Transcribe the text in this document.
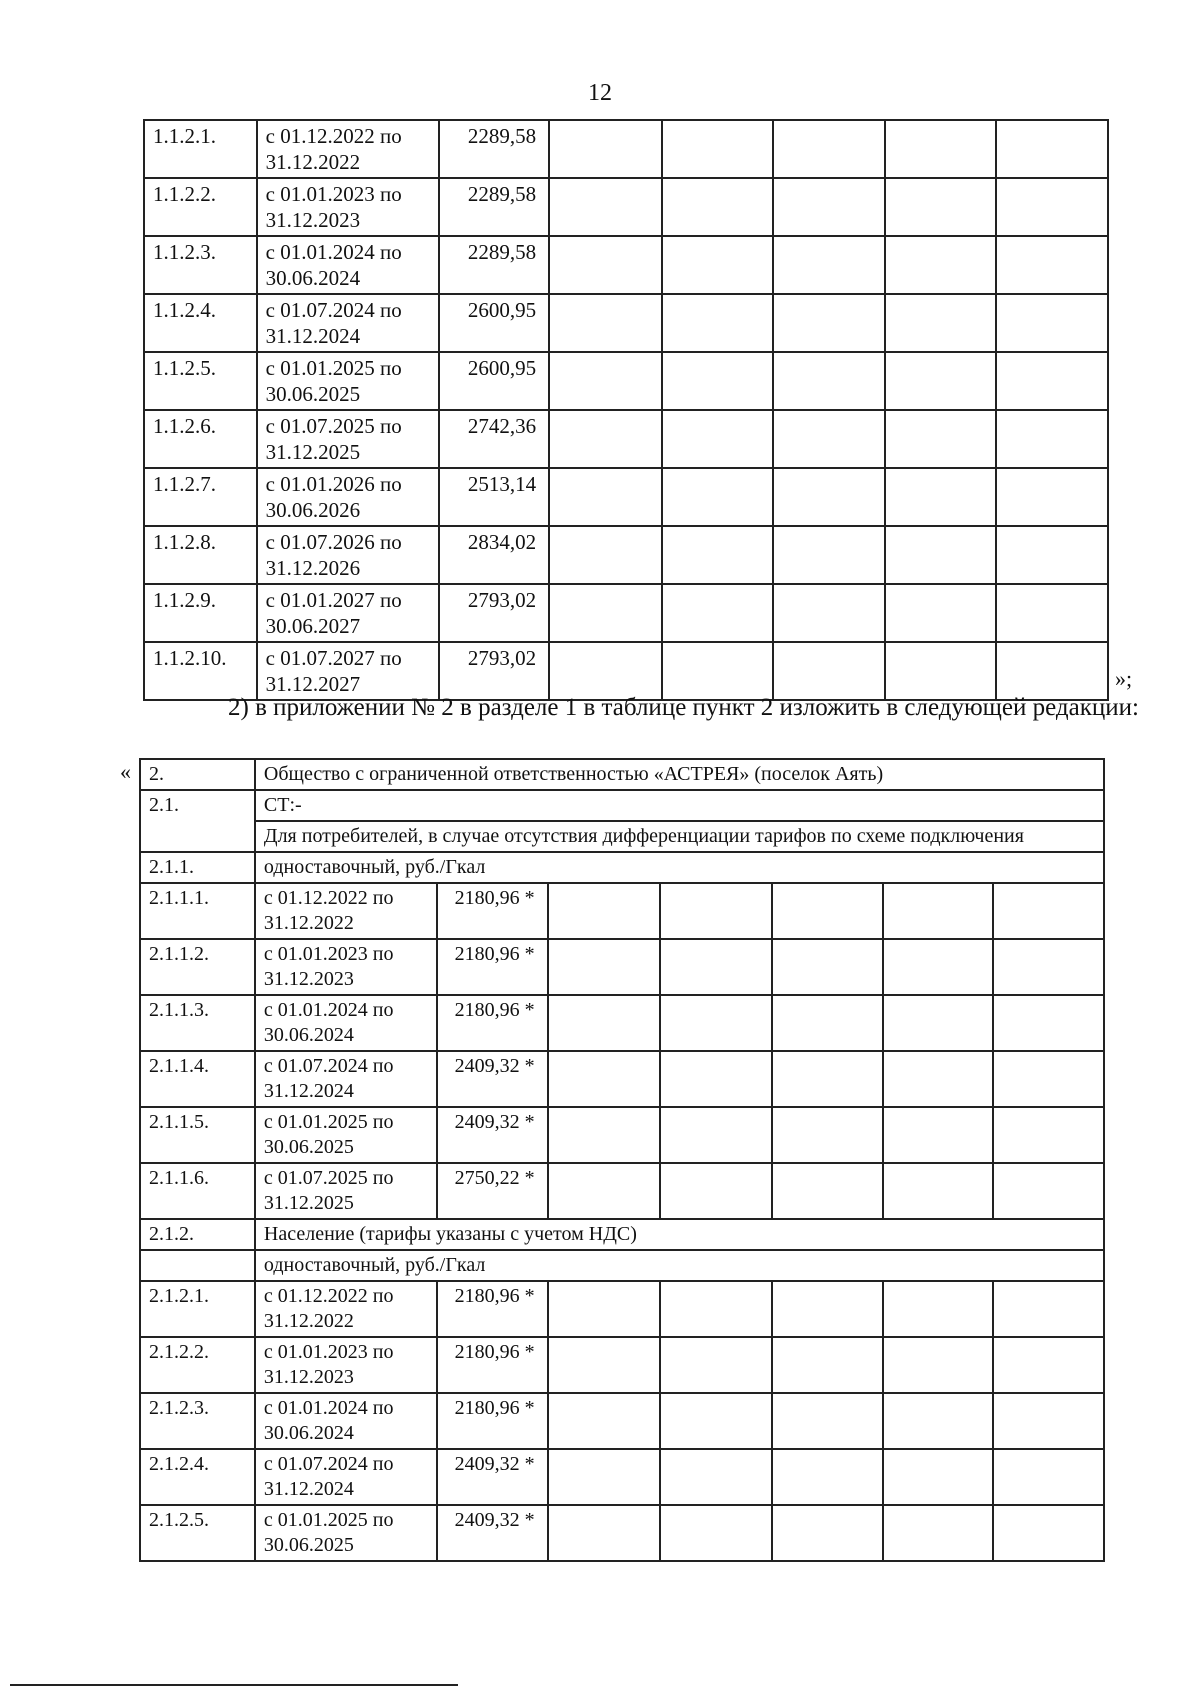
12
1.1.2.1.	с 01.12.2022 по 31.12.2022	2289,58					
1.1.2.2.	с 01.01.2023 по 31.12.2023	2289,58					
1.1.2.3.	с 01.01.2024 по 30.06.2024	2289,58					
1.1.2.4.	с 01.07.2024 по 31.12.2024	2600,95					
1.1.2.5.	с 01.01.2025 по 30.06.2025	2600,95					
1.1.2.6.	с 01.07.2025 по 31.12.2025	2742,36					
1.1.2.7.	с 01.01.2026 по 30.06.2026	2513,14					
1.1.2.8.	с 01.07.2026 по 31.12.2026	2834,02					
1.1.2.9.	с 01.01.2027 по 30.06.2027	2793,02					
1.1.2.10.	с 01.07.2027 по 31.12.2027	2793,02					
»;
2) в приложении № 2 в разделе 1 в таблице пункт 2 изложить в следующей редакции:
« 2.	Общество с ограниченной ответственностью «АСТРЕЯ» (поселок Аять)						
2.1.	СТ:-						
	Для потребителей, в случае отсутствия дифференциации тарифов по схеме подключения						
2.1.1.	одноставочный, руб./Гкал						
2.1.1.1.	с 01.12.2022 по 31.12.2022	2180,96 *					
2.1.1.2.	с 01.01.2023 по 31.12.2023	2180,96 *					
2.1.1.3.	с 01.01.2024 по 30.06.2024	2180,96 *					
2.1.1.4.	с 01.07.2024 по 31.12.2024	2409,32 *					
2.1.1.5.	с 01.01.2025 по 30.06.2025	2409,32 *					
2.1.1.6.	с 01.07.2025 по 31.12.2025	2750,22 *					
2.1.2.	Население (тарифы указаны с учетом НДС)						
	одноставочный, руб./Гкал						
2.1.2.1.	с 01.12.2022 по 31.12.2022	2180,96 *					
2.1.2.2.	с 01.01.2023 по 31.12.2023	2180,96 *					
2.1.2.3.	с 01.01.2024 по 30.06.2024	2180,96 *					
2.1.2.4.	с 01.07.2024 по 31.12.2024	2409,32 *					
2.1.2.5.	с 01.01.2025 по 30.06.2025	2409,32 *					
